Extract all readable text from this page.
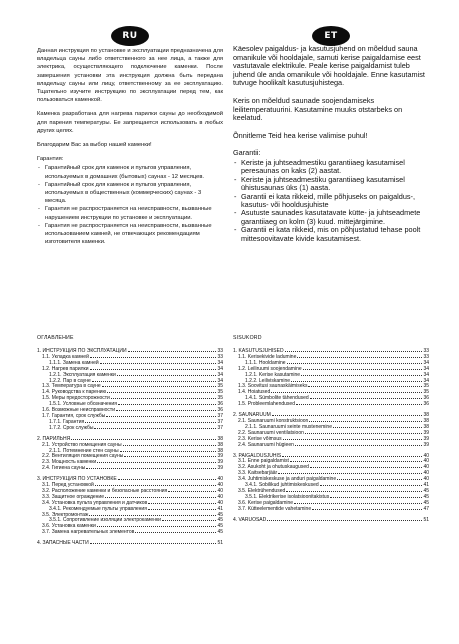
RU	ET

Данная инструкция по установке и эксплуатации предназначена для владельца сауны либо ответственного за нее лица, а также для электрика, осуществляющего подключение каменки. После завершения установки эта инструкция должна быть передана владельцу сауны или лицу, ответственному за ее эксплуатацию. Тщательно изучите инструкцию по эксплуатации перед тем, как пользоваться каменкой.

Каменка разработана для нагрева парилки сауны до необходимой для парения температуры. Ее запрещается использовать в любых других целях.

Благодарим Вас за выбор нашей каменки!

Гарантия:

- Гарантийный срок для каменок и пультов управления, используемых в домашних (бытовых) саунах - 12 месяцев.
- Гарантийный срок для каменок и пультов управления, используемых в общественных (коммерческих) саунах - 3 месяца.
- Гарантия не распространяется на неисправности, вызванные нарушением инструкции по установке и эксплуатации.
- Гарантия не распространяется на неисправности, вызванные использованием камней, не отвечающих рекомендациям изготовителя каменки.

Käesolev paigaldus- ja kasutusjuhend on mõeldud sauna omanikule või hooldajale, samuti kerise paigaldamise eest vastutavale elektrikule. Peale kerise paigaldamist tuleb juhend üle anda omanikule või hooldajale. Enne kasutamist tutvuge hoolikalt kasutusjuhistega.

Keris on mõeldud saunade soojendamiseks leilitemperatuurini. Kasutamine muuks otstarbeks on keelatud.

Õnnitleme Teid hea kerise valimise puhul!

Garantii:

- Keriste ja juhtseadmestiku garantiiaeg kasutamisel peresaunas on kaks (2) aastat.
- Keriste ja juhtseadmestiku garantiiaeg kasutamisel ühistusaunas üks (1) aasta.
- Garantii ei kata rikkeid, mille põhjuseks on paigaldus-, kasutus- või hooldusjuhiste
- Asutuste saunades kasutatavate kütte- ja juhtseadmete garantiiaeg on kolm (3) kuud. mittejärgimine.
- Garantii ei kata rikkeid, mis on põhjustatud tehase poolt mittesoovitavate kivide kasutamisest.
ОГЛАВЛЕНИЕ
1. ИНСТРУКЦИЯ ПО ЭКСПЛУАТАЦИИ	33
1.1. Укладка камней	33
1.1.1. Замена камней	34
1.2. Нагрев парилки	34
1.2.1. Эксплуатация каменки	34
1.2.2. Пар в сауне	34
1.3. Температура в сауне	35
1.4. Руководства к парению	35
1.5. Меры предосторожности	35
1.5.1. Условные обозначения	36
1.6. Возможные неисправности	36
1.7. Гарантия, срок службы	37
1.7.1. Гарантия	37
1.7.2. Срок службы	37
2. ПАРИЛЬНЯ	38
2.1. Устройство помещения сауны	38
2.1.1. Потемнение стен сауны	38
2.2. Вентиляция помещения сауны	39
2.3. Мощность каменки	39
2.4. Гигиена сауны	39
3. ИНСТРУКЦИЯ ПО УСТАНОВКЕ	40
3.1. Перед установкой	40
3.2. Расположение каменки и безопасные расстояния	40
3.3. Защитное ограждение	40
3.4. Установка пульта управления и датчиков	40
3.4.1. Рекомендуемые пульты управления	41
3.5. Электромонтаж	45
3.5.1. Сопротивление изоляции электрокаменки	45
3.6. Установка каменки	45
3.7. Замена нагревательных элементов	45
4. ЗАПАСНЫЕ ЧАСТИ	51
SISUKORD
1. KASUTUSJUHISED	33
1.1. Kerisekivide ladumine	33
1.1.1. Hooldamine	34
1.2. Leiliruumi soojendamine	34
1.2.1. Kerise kasutamine	34
1.2.2. Leiliviskamine	34
1.3. Soovitusi saunaskäimiseks	35
1.4. Hoiatused	35
1.4.1. Sümbolite tähendused	36
1.5. Probleemlahendused	36
2. SAUNARUUM	38
2.1. Saunaruumi konstruktsioon	38
2.1.1. Saunaruumi seinte mustenemine	38
2.2. Saunaruumi ventilatsioon	39
2.3. Kerise võimsus	39
2.4. Saunaruumi hügieen	39
3. PAIGALDUSJUHIS	40
3.1. Enne paigaldamist	40
3.2. Asukoht ja ohutuskaugused	40
3.3. Kaitsebarjäär	40
3.4. Juhtimiskeskuse ja anduri paigaldamine	40
3.4.1. Sobilikud juhtimiskeskused	41
3.5. Elektrühendused	45
3.5.1. Elektrikerise isolatsioonitakistus	45
3.6. Kerise paigaldamine	45
3.7. Kütteelementide vahetamine	47
4. VARUOSAD	51
